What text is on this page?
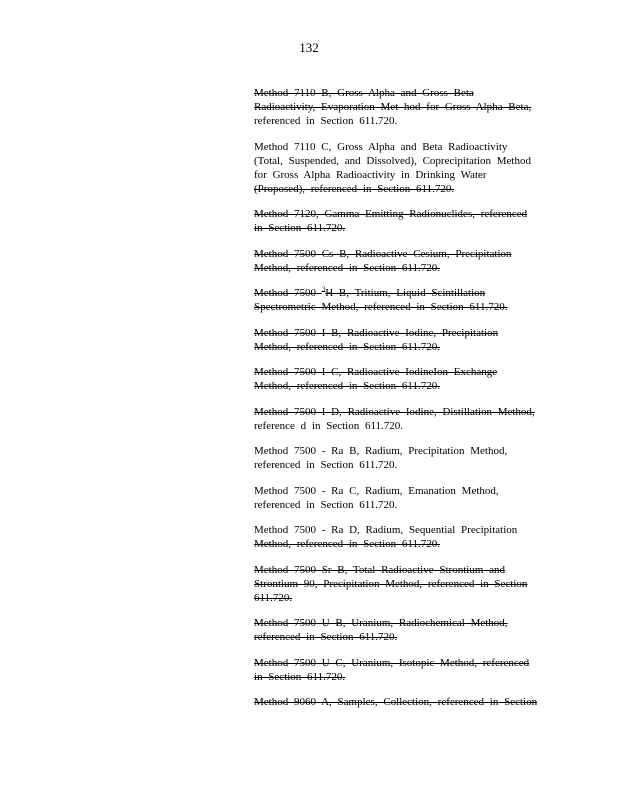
132
Method 7110 B, Gross Alpha and Gross Beta
Radioactivity, Evaporation Met hod for Gross Alpha Beta,
referenced in Section 611.720.
Method 7110 C, Gross Alpha and Beta Radioactivity
(Total, Suspended, and Dissolved), Coprecipitation Method
for Gross Alpha Radioactivity in Drinking Water
(Proposed), referenced in Section 611.720.
Method 7120, Gamma Emitting Radionuclides, referenced
in Section 611.720.
Method 7500 Cs B, Radioactive Cesium, Precipitation
Method, referenced in Section 611.720.
Method 7500 $^3$H B, Tritium, Liquid Scintillation
Spectrometric Method, referenced in Section 611.720.
Method 7500 I B, Radioactive Iodine, Precipitation
Method, referenced in Section 611.720.
Method 7500 I C, Radioactive IodineIon Exchange
Method, referenced in Section 611.720.
Method 7500 I D, Radioactive Iodine, Distillation Method,
reference d in Section 611.720.
Method 7500 - Ra B, Radium, Precipitation Method,
referenced in Section 611.720.
Method 7500 - Ra C, Radium, Emanation Method,
referenced in Section 611.720.
Method 7500 - Ra D, Radium, Sequential Precipitation
Method, referenced in Section 611.720.
Method 7500 Sr B, Total Radioactive Strontium and
Strontium 90, Precipitation Method, referenced in Section
611.720.
Method 7500 U B, Uranium, Radiochemical Method,
referenced in Section 611.720.
Method 7500 U C, Uranium, Isotopic Method, referenced
in Section 611.720.
Method 9060 A, Samples, Collection, referenced in Section
